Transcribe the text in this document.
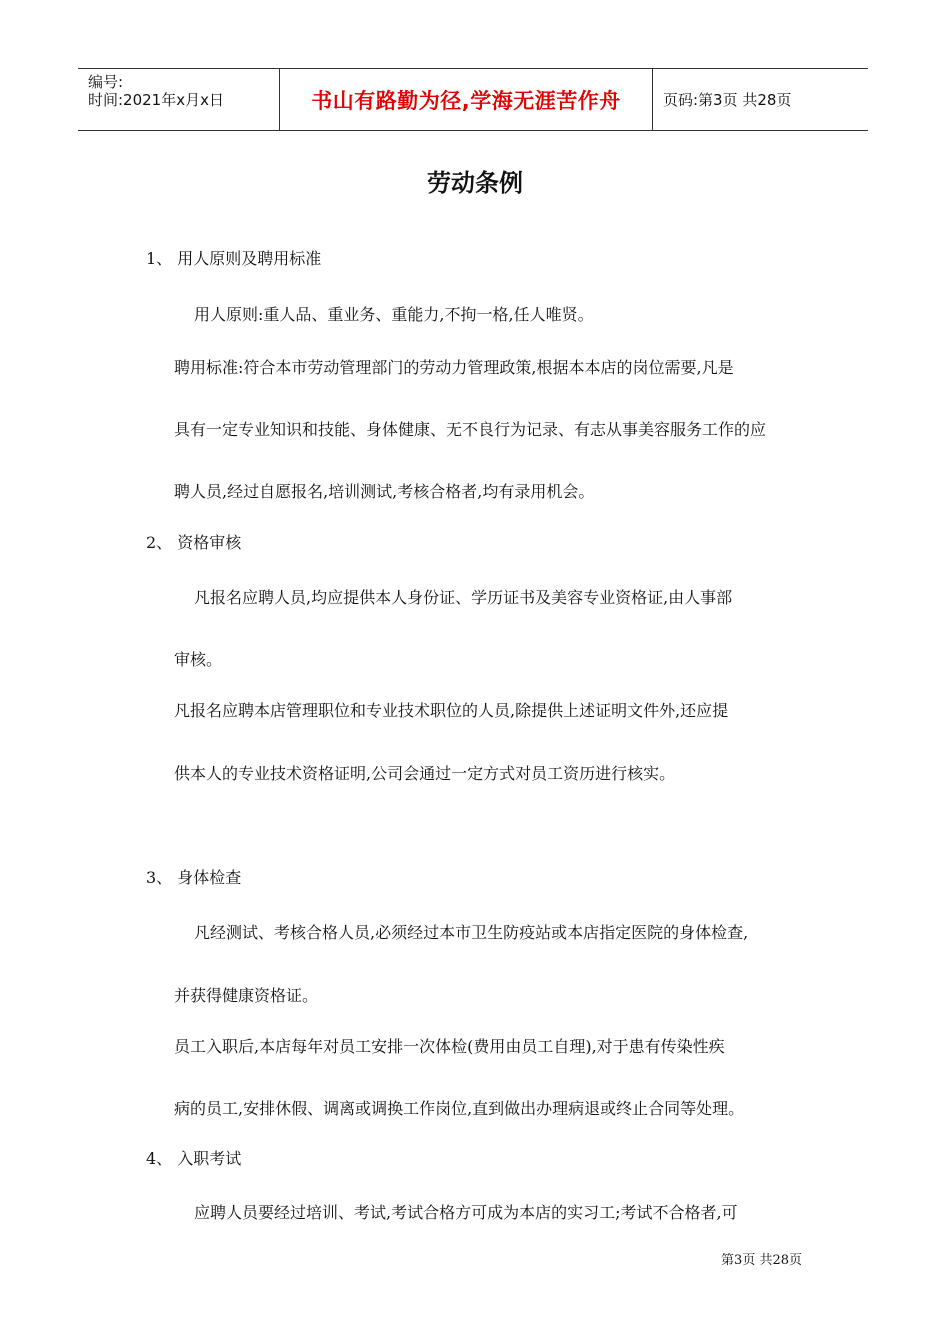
编号:
时间:2021年x月x日	书山有路勤为径,学海无涯苦作舟	页码:第3页 共28页
劳动条例
1、 用人原则及聘用标准
用人原则:重人品、重业务、重能力,不拘一格,任人唯贤。
聘用标准:符合本市劳动管理部门的劳动力管理政策,根据本本店的岗位需要,凡是
具有一定专业知识和技能、身体健康、无不良行为记录、有志从事美容服务工作的应
聘人员,经过自愿报名,培训测试,考核合格者,均有录用机会。
2、 资格审核
凡报名应聘人员,均应提供本人身份证、学历证书及美容专业资格证,由人事部
审核。
凡报名应聘本店管理职位和专业技术职位的人员,除提供上述证明文件外,还应提
供本人的专业技术资格证明,公司会通过一定方式对员工资历进行核实。
3、 身体检查
凡经测试、考核合格人员,必须经过本市卫生防疫站或本店指定医院的身体检查,
并获得健康资格证。
员工入职后,本店每年对员工安排一次体检(费用由员工自理),对于患有传染性疾
病的员工,安排休假、调离或调换工作岗位,直到做出办理病退或终止合同等处理。
4、 入职考试
应聘人员要经过培训、考试,考试合格方可成为本店的实习工;考试不合格者,可
第3页 共28页
